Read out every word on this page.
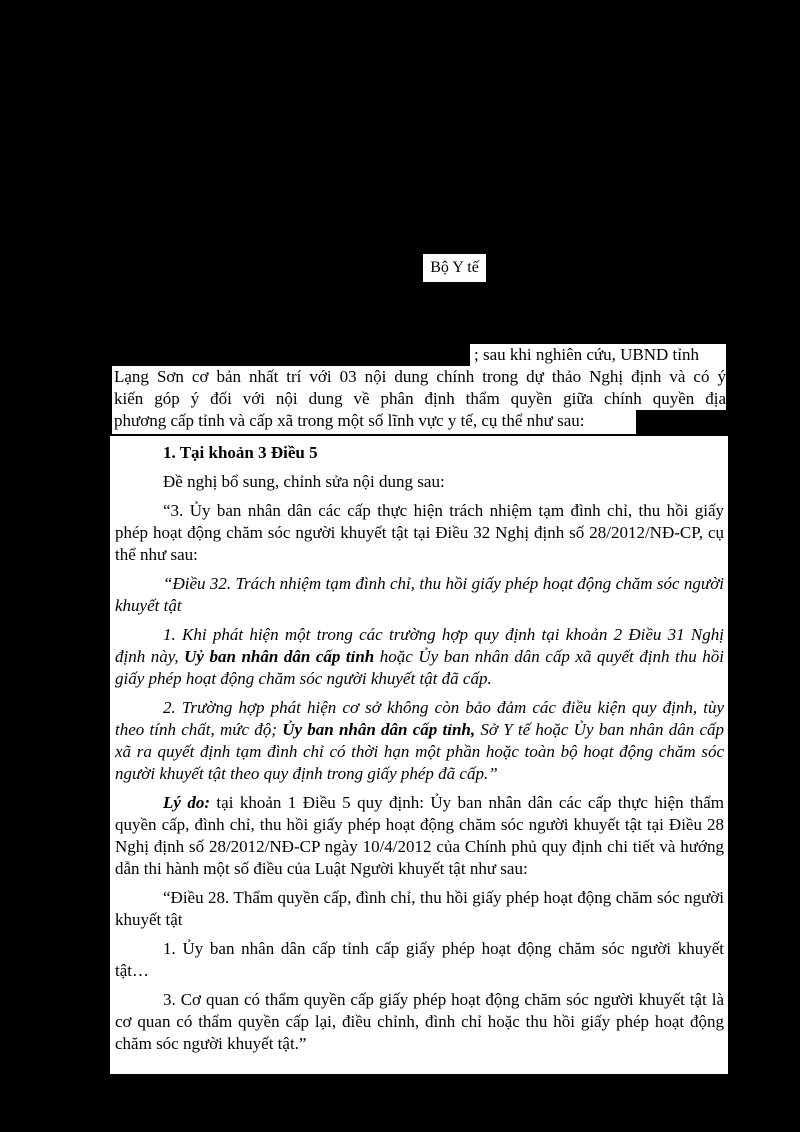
Bộ Y tế
; sau khi nghiên cứu, UBND tỉnh
Lạng Sơn cơ bản nhất trí với 03 nội dung chính trong dự thảo Nghị định và có ý
kiến góp ý đối với nội dung về phân định thẩm quyền giữa chính quyền địa
phương cấp tỉnh và cấp xã trong một số lĩnh vực y tế, cụ thể như sau:
1. Tại khoản 3 Điều 5

Đề nghị bổ sung, chỉnh sửa nội dung sau:

“3. Ủy ban nhân dân các cấp thực hiện trách nhiệm tạm đình chỉ, thu hồi giấy phép hoạt động chăm sóc người khuyết tật tại Điều 32 Nghị định số 28/2012/NĐ-CP, cụ thể như sau:

“Điều 32. Trách nhiệm tạm đình chỉ, thu hồi giấy phép hoạt động chăm sóc người khuyết tật

1. Khi phát hiện một trong các trường hợp quy định tại khoản 2 Điều 31 Nghị định này, Uỷ ban nhân dân cấp tỉnh hoặc Ủy ban nhân dân cấp xã quyết định thu hồi giấy phép hoạt động chăm sóc người khuyết tật đã cấp.

2. Trường hợp phát hiện cơ sở không còn bảo đảm các điều kiện quy định, tùy theo tính chất, mức độ; Ủy ban nhân dân cấp tỉnh, Sở Y tế hoặc Ủy ban nhân dân cấp xã ra quyết định tạm đình chỉ có thời hạn một phần hoặc toàn bộ hoạt động chăm sóc người khuyết tật theo quy định trong giấy phép đã cấp.”

Lý do: tại khoản 1 Điều 5 quy định: Ủy ban nhân dân các cấp thực hiện thẩm quyền cấp, đình chỉ, thu hồi giấy phép hoạt động chăm sóc người khuyết tật tại Điều 28 Nghị định số 28/2012/NĐ-CP ngày 10/4/2012 của Chính phủ quy định chi tiết và hướng dẫn thi hành một số điều của Luật Người khuyết tật như sau:

“Điều 28. Thẩm quyền cấp, đình chỉ, thu hồi giấy phép hoạt động chăm sóc người khuyết tật

1. Ủy ban nhân dân cấp tỉnh cấp giấy phép hoạt động chăm sóc người khuyết tật…

3. Cơ quan có thẩm quyền cấp giấy phép hoạt động chăm sóc người khuyết tật là cơ quan có thẩm quyền cấp lại, điều chỉnh, đình chỉ hoặc thu hồi giấy phép hoạt động chăm sóc người khuyết tật.”
